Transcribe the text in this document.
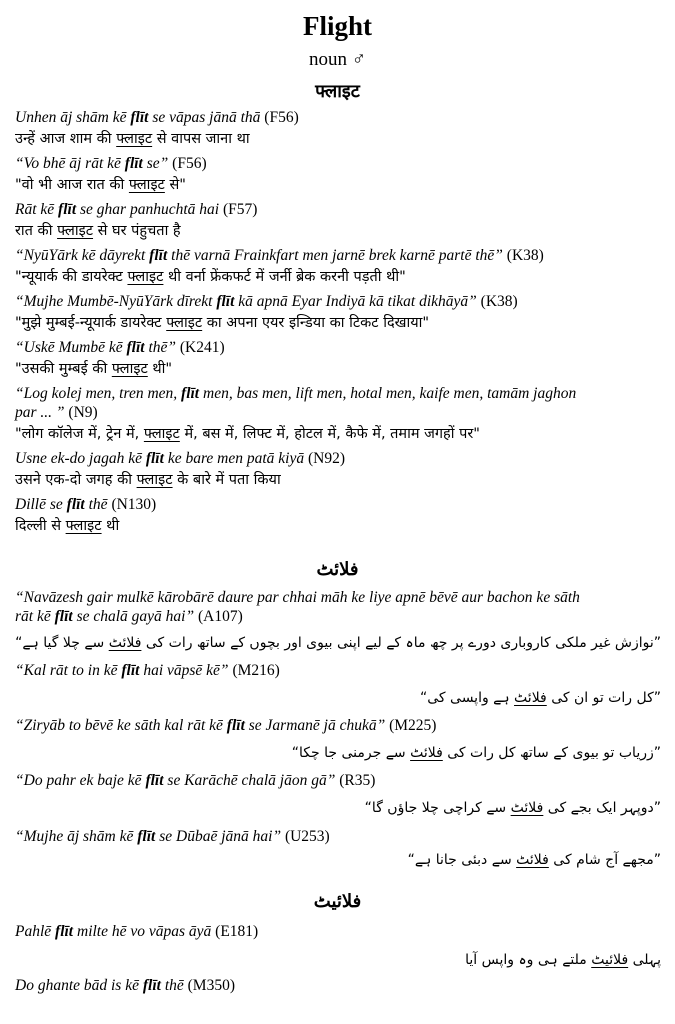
Flight
noun ♂
फ्लाइट
Unhen āj shām kē flīt se vāpas jānā thā (F56)
उन्हें आज शाम की फ्लाइट से वापस जाना था
“Vo bhē āj rāt kē flīt se” (F56)
"वो भी आज रात की फ्लाइट से"
Rāt kē flīt se ghar panhuchtā hai (F57)
रात की फ्लाइट से घर पंहुचता है
“NyūYārk kē dāyrekt flīt thē varnā Frainkfart men jarnē brek karnē partē thē” (K38)
"न्यूयार्क की डायरेक्ट फ्लाइट थी वर्ना फ्रेंकफर्ट में जर्नी ब्रेक करनी पड़ती थी"
“Mujhe Mumbē-NyūYārk dīrekt flīt kā apnā Eyar Indiyā kā tikat dikhāyā” (K38)
"मुझे मुम्बई-न्यूयार्क डायरेक्ट फ्लाइट का अपना एयर इन्डिया का टिकट दिखाया"
“Uskē Mumbē kē flīt thē” (K241)
"उसकी मुम्बई की फ्लाइट थी"
“Log kolej men, tren men, flīt men, bas men, lift men, hotal men, kaife men, tamām jaghon
par ... ” (N9)
"लोग कॉलेज में, ट्रेन में, फ्लाइट में, बस में, लिफ्ट में, होटल में, कैफे में, तमाम जगहों पर"
Usne ek-do jagah kē flīt ke bare men patā kiyā (N92)
उसने एक-दो जगह की फ्लाइट के बारे में पता किया
Dillē se flīt thē (N130)
दिल्ली से फ्लाइट थी
فلائٹ
“Navāzesh gair mulkē kārobārē daure par chhai māh ke liye apnē bēvē aur bachon ke sāth
rāt kē flīt se chalā gayā hai” (A107)
”نوازش غیر ملکی کاروباری دورے پر چھ ماہ کے لیے اپنی بیوی اور بچوں کے ساتھ رات کی فلائٹ سے چلا گیا ہے“
“Kal rāt to in kē flīt hai vāpsē kē” (M216)
”کل رات تو ان کی فلائٹ ہے واپسی کی“
“Ziryāb to bēvē ke sāth kal rāt kē flīt se Jarmanē jā chukā” (M225)
”زریاب تو بیوی کے ساتھ کل رات کی فلائٹ سے جرمنی جا چکا“
“Do pahr ek baje kē flīt se Karāchē chalā jāon gā” (R35)
”دوپہر ایک بجے کی فلائٹ سے کراچی چلا جاؤں گا“
“Mujhe āj shām kē flīt se Dūbaē jānā hai” (U253)
”مجھے آج شام کی فلائٹ سے دبئی جانا ہے“
فلائیٹ
Pahlē flīt milte hē vo vāpas āyā (E181)
پہلی فلائیٹ ملتے ہی وہ واپس آیا
Do ghante bād is kē flīt thē (M350)
